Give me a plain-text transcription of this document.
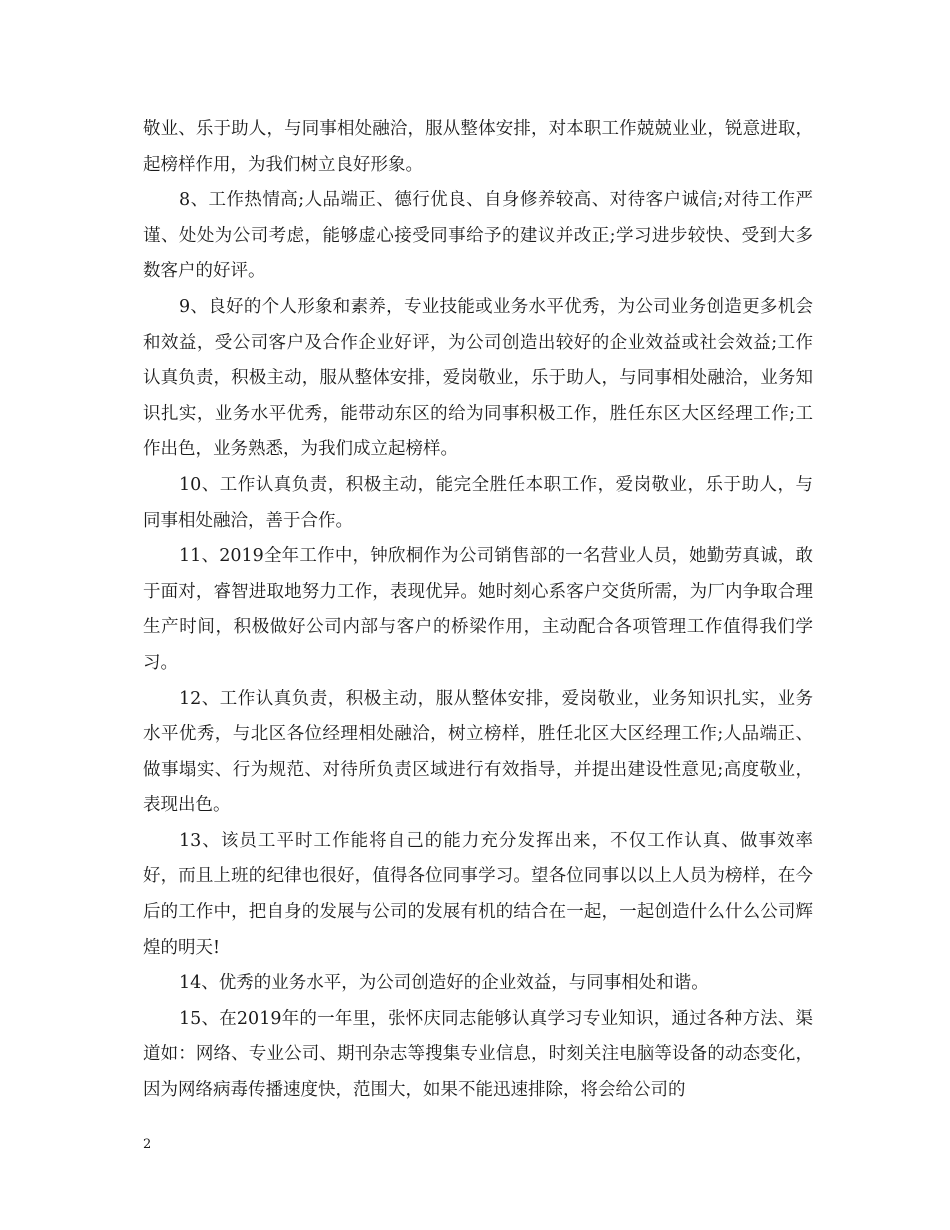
敬业、乐于助人，与同事相处融洽，服从整体安排，对本职工作兢兢业业，锐意进取，起榜样作用，为我们树立良好形象。

8、工作热情高;人品端正、德行优良、自身修养较高、对待客户诚信;对待工作严谨、处处为公司考虑，能够虚心接受同事给予的建议并改正;学习进步较快、受到大多数客户的好评。

9、良好的个人形象和素养，专业技能或业务水平优秀，为公司业务创造更多机会和效益，受公司客户及合作企业好评，为公司创造出较好的企业效益或社会效益;工作认真负责，积极主动，服从整体安排，爱岗敬业，乐于助人，与同事相处融洽，业务知识扎实，业务水平优秀，能带动东区的给为同事积极工作，胜任东区大区经理工作;工作出色，业务熟悉，为我们成立起榜样。

10、工作认真负责，积极主动，能完全胜任本职工作，爱岗敬业，乐于助人，与同事相处融洽，善于合作。

11、2019全年工作中，钟欣桐作为公司销售部的一名营业人员，她勤劳真诚，敢于面对，睿智进取地努力工作，表现优异。她时刻心系客户交货所需，为厂内争取合理生产时间，积极做好公司内部与客户的桥梁作用，主动配合各项管理工作值得我们学习。

12、工作认真负责，积极主动，服从整体安排，爱岗敬业，业务知识扎实，业务水平优秀，与北区各位经理相处融洽，树立榜样，胜任北区大区经理工作;人品端正、做事塌实、行为规范、对待所负责区域进行有效指导，并提出建设性意见;高度敬业，表现出色。

13、该员工平时工作能将自己的能力充分发挥出来，不仅工作认真、做事效率好，而且上班的纪律也很好，值得各位同事学习。望各位同事以以上人员为榜样，在今后的工作中，把自身的发展与公司的发展有机的结合在一起，一起创造什么什么公司辉煌的明天!

14、优秀的业务水平，为公司创造好的企业效益，与同事相处和谐。

15、在2019年的一年里，张怀庆同志能够认真学习专业知识，通过各种方法、渠道如：网络、专业公司、期刊杂志等搜集专业信息，时刻关注电脑等设备的动态变化，因为网络病毒传播速度快，范围大，如果不能迅速排除，将会给公司的

2
